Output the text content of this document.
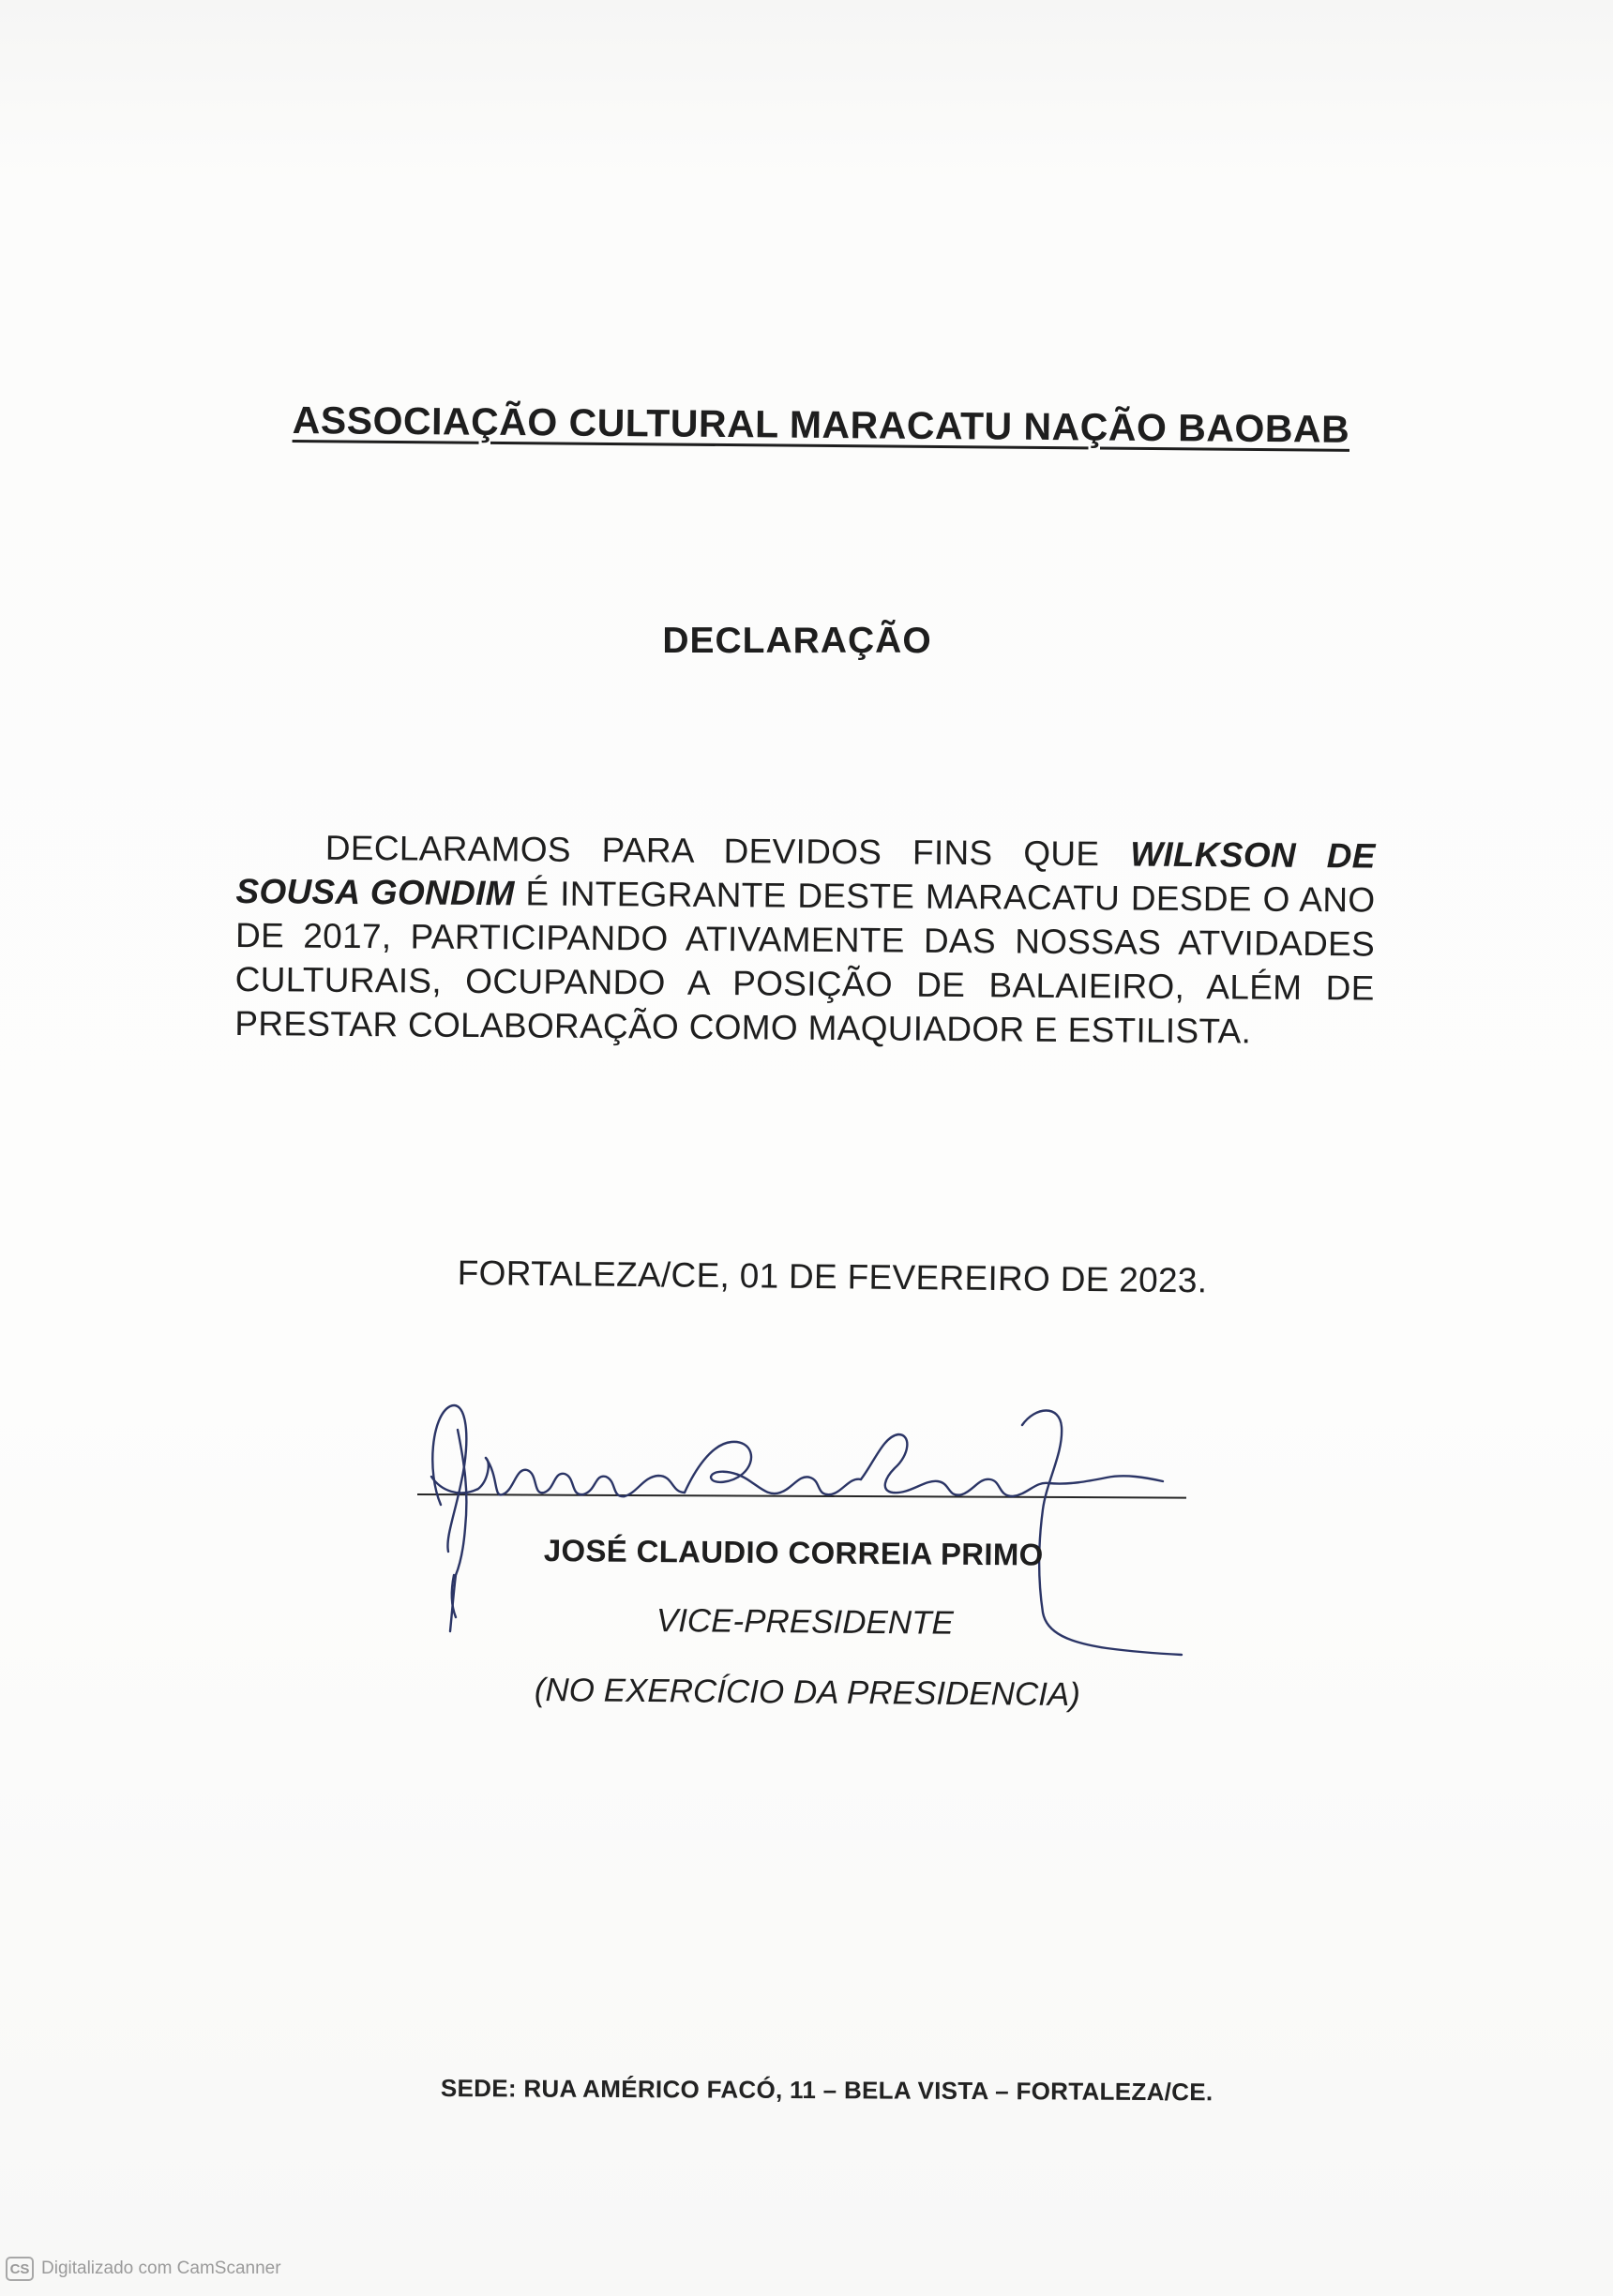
ASSOCIAÇÃO CULTURAL MARACATU NAÇÃO BAOBAB
DECLARAÇÃO
DECLARAMOS PARA DEVIDOS FINS QUE WILKSON DE SOUSA GONDIM É INTEGRANTE DESTE MARACATU DESDE O ANO DE 2017, PARTICIPANDO ATIVAMENTE DAS NOSSAS ATVIDADES CULTURAIS, OCUPANDO A POSIÇÃO DE BALAIEIRO, ALÉM DE PRESTAR COLABORAÇÃO COMO MAQUIADOR E ESTILISTA.
FORTALEZA/CE, 01 DE FEVEREIRO DE 2023.
JOSÉ CLAUDIO CORREIA PRIMO
VICE-PRESIDENTE
(NO EXERCÍCIO DA PRESIDENCIA)
SEDE: RUA AMÉRICO FACÓ, 11 – BELA VISTA – FORTALEZA/CE.
CS Digitalizado com CamScanner
